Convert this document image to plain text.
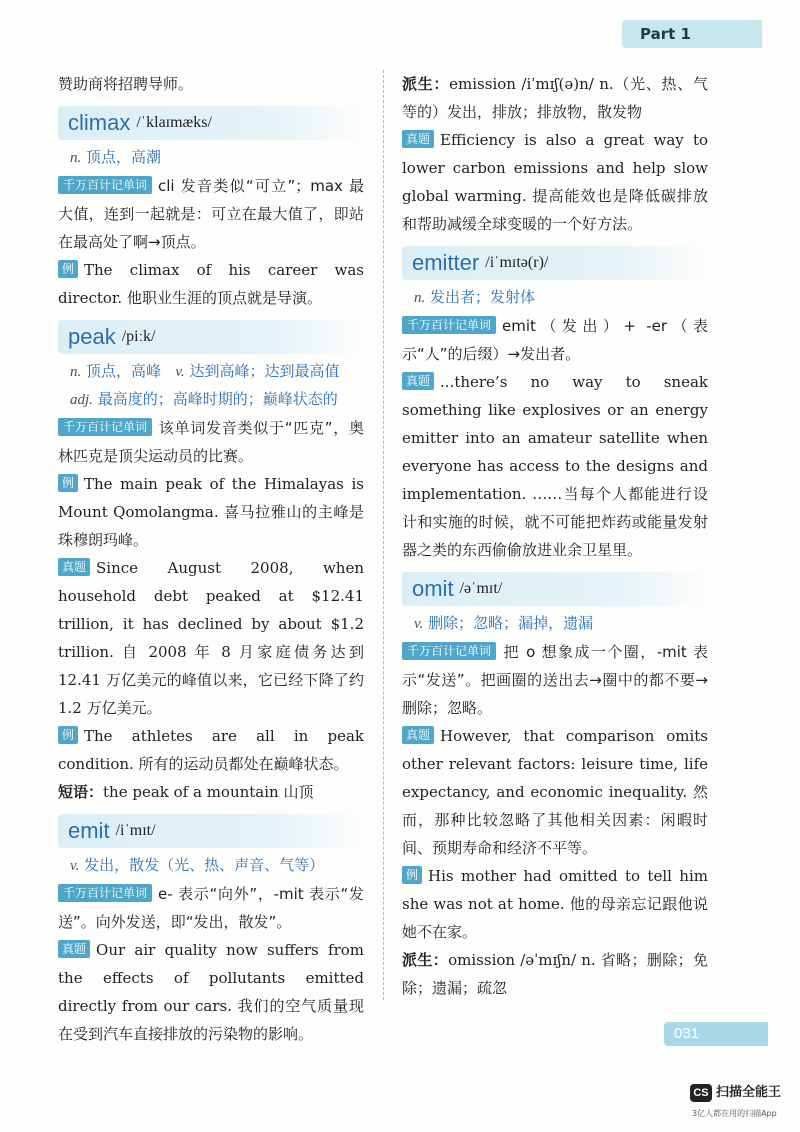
Part 1

赞助商将招聘导师。

climax /ˈklaɪmæks/

n. 顶点，高潮

千万百计记单词 cli 发音类似“可立”；max 最大值，连到一起就是：可立在最大值了，即站在最高处了啊→顶点。

例 The climax of his career was director. 他职业生涯的顶点就是导演。

peak /piːk/

n. 顶点，高峰 v. 达到高峰；达到最高值
adj. 最高度的；高峰时期的；巅峰状态的

千万百计记单词 该单词发音类似于“匹克”，奥林匹克是顶尖运动员的比赛。

例 The main peak of the Himalayas is Mount Qomolangma. 喜马拉雅山的主峰是珠穆朗玛峰。

真题 Since August 2008, when household debt peaked at $12.41 trillion, it has declined by about $1.2 trillion. 自 2008 年 8 月家庭债务达到 12.41 万亿美元的峰值以来，它已经下降了约 1.2 万亿美元。

例 The athletes are all in peak condition. 所有的运动员都处在巅峰状态。

短语：the peak of a mountain 山顶

emit /iˈmɪt/

v. 发出，散发（光、热、声音、气等）

千万百计记单词 e- 表示“向外”，-mit 表示“发送”。向外发送，即“发出，散发”。

真题 Our air quality now suffers from the effects of pollutants emitted directly from our cars. 我们的空气质量现在受到汽车直接排放的污染物的影响。

派生：emission /iˈmɪʃ(ə)n/ n.（光、热、气等的）发出，排放；排放物，散发物

真题 Efficiency is also a great way to lower carbon emissions and help slow global warming. 提高能效也是降低碳排放和帮助减缓全球变暖的一个好方法。

emitter /iˈmɪtə(r)/

n. 发出者；发射体

千万百计记单词 emit（发出）+ -er（表示“人”的后缀）→发出者。

真题 ...there’s no way to sneak something like explosives or an energy emitter into an amateur satellite when everyone has access to the designs and implementation. ……当每个人都能进行设计和实施的时候，就不可能把炸药或能量发射器之类的东西偷偷放进业余卫星里。

omit /əˈmɪt/

v. 删除；忽略；漏掉，遗漏

千万百计记单词 把 o 想象成一个圈，-mit 表示“发送”。把画圈的送出去→圈中的都不要→删除；忽略。

真题 However, that comparison omits other relevant factors: leisure time, life expectancy, and economic inequality. 然而，那种比较忽略了其他相关因素：闲暇时间、预期寿命和经济不平等。

例 His mother had omitted to tell him she was not at home. 他的母亲忘记跟他说她不在家。

派生：omission /əˈmɪʃn/ n. 省略；删除；免除；遗漏；疏忽

031
CS 扫描全能王
3亿人都在用的扫描App
